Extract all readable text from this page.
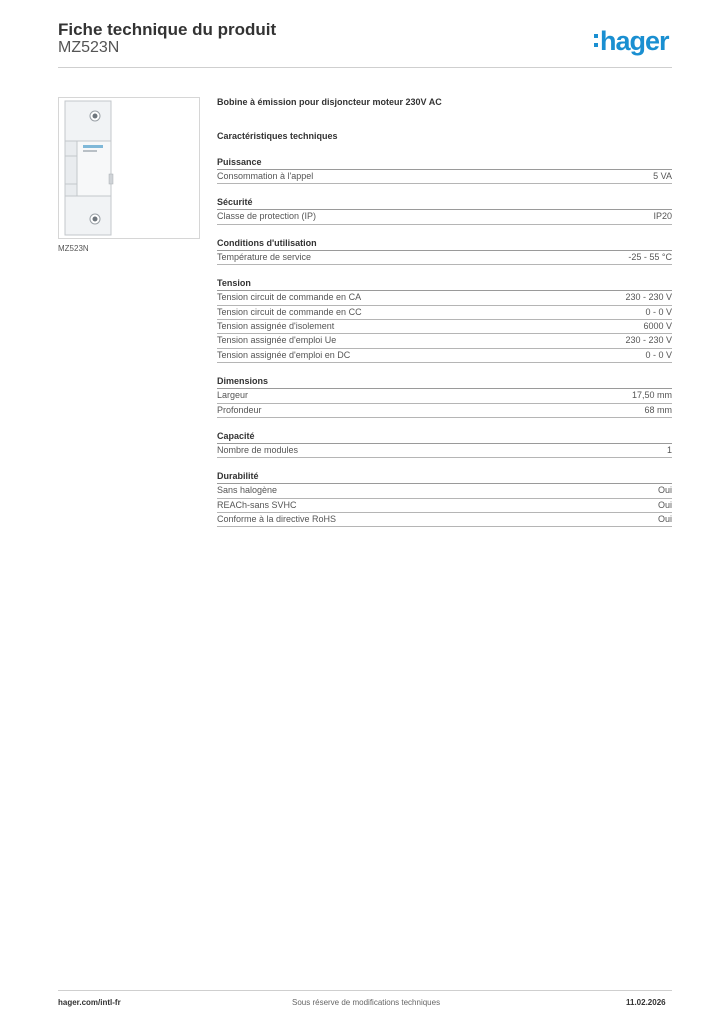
Fiche technique du produit
MZ523N	hager
MZ523N
Bobine à émission pour disjoncteur moteur 230V AC
Caractéristiques techniques
Puissance
Consommation à l'appel	5 VA
Sécurité
Classe de protection (IP)	IP20
Conditions d'utilisation
Température de service	-25 - 55 °C
Tension
Tension circuit de commande en CA	230 - 230 V
Tension circuit de commande en CC	0 - 0 V
Tension assignée d'isolement	6000 V
Tension assignée d'emploi Ue	230 - 230 V
Tension assignée d'emploi en DC	0 - 0 V
Dimensions
Largeur	17,50 mm
Profondeur	68 mm
Capacité
Nombre de modules	1
Durabilité
Sans halogène	Oui
REACh-sans SVHC	Oui
Conforme à la directive RoHS	Oui
hager.com/intl-fr	Sous réserve de modifications techniques	11.02.2026
